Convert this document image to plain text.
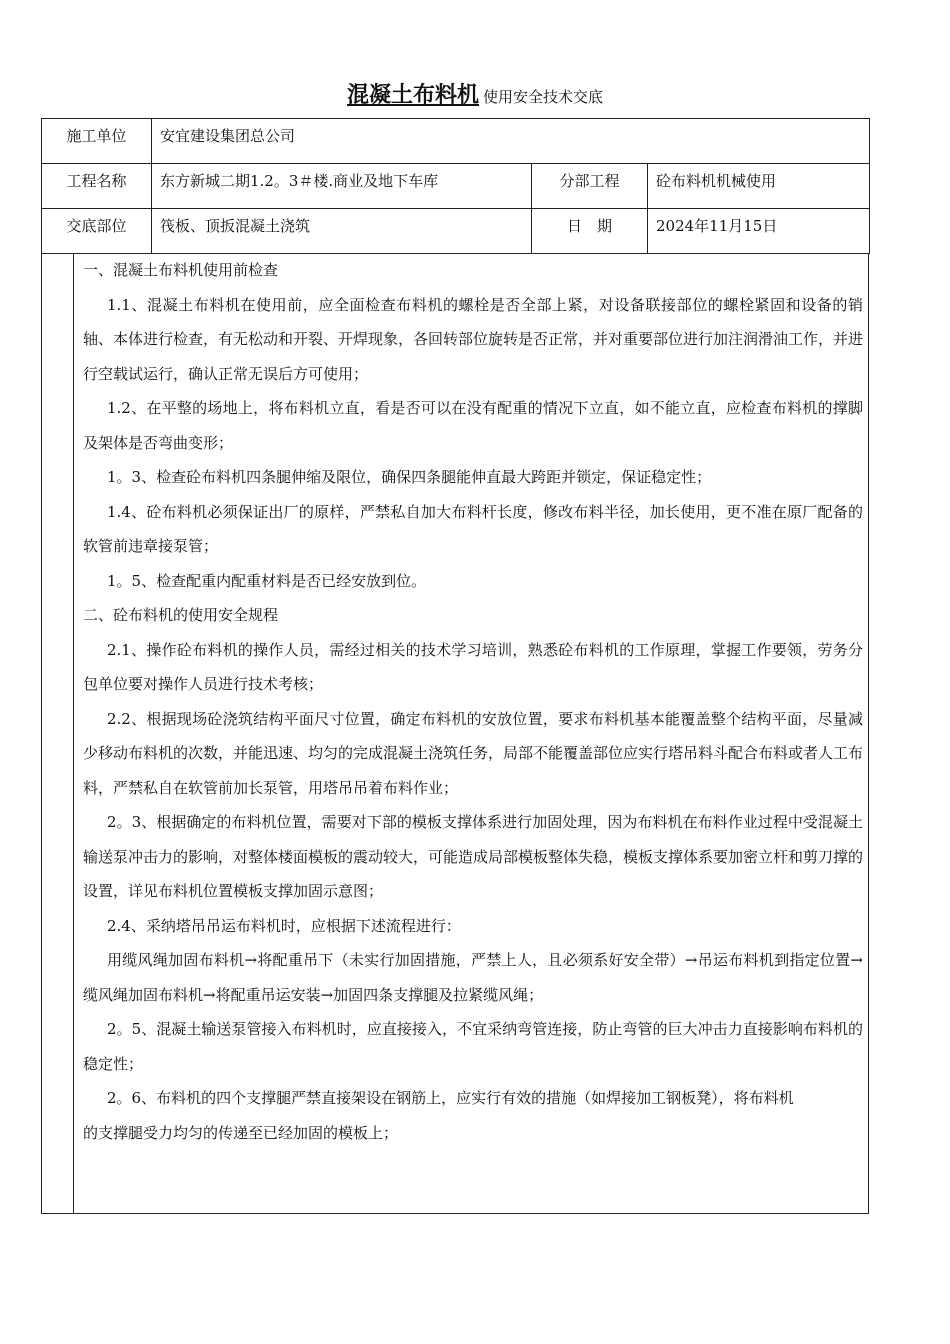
混凝土布料机 使用安全技术交底
施工单位	安宜建设集团总公司		
工程名称	东方新城二期1.2。3＃楼.商业及地下车库	分部工程	砼布料机机械使用
交底部位	筏板、顶扳混凝土浇筑	日　期	2024年11月15日

一、混凝土布料机使用前检查

1.1、混凝土布料机在使用前，应全面检查布料机的螺栓是否全部上紧，对设备联接部位的螺栓紧固和设备的销轴、本体进行检查，有无松动和开裂、开焊现象，各回转部位旋转是否正常，并对重要部位进行加注润滑油工作，并进行空载试运行，确认正常无误后方可使用；

1.2、在平整的场地上，将布料机立直，看是否可以在没有配重的情况下立直，如不能立直，应检查布料机的撑脚及架体是否弯曲变形；

1。3、检查砼布料机四条腿伸缩及限位，确保四条腿能伸直最大跨距并锁定，保证稳定性；

1.4、砼布料机必须保证出厂的原样，严禁私自加大布料杆长度，修改布料半径，加长使用，更不准在原厂配备的软管前违章接泵管；

1。5、检查配重内配重材料是否已经安放到位。

二、砼布料机的使用安全规程

2.1、操作砼布料机的操作人员，需经过相关的技术学习培训，熟悉砼布料机的工作原理，掌握工作要领，劳务分包单位要对操作人员进行技术考核；

2.2、根据现场砼浇筑结构平面尺寸位置，确定布料机的安放位置，要求布料机基本能覆盖整个结构平面，尽量减少移动布料机的次数，并能迅速、均匀的完成混凝土浇筑任务，局部不能覆盖部位应实行塔吊料斗配合布料或者人工布料，严禁私自在软管前加长泵管，用塔吊吊着布料作业；

2。3、根据确定的布料机位置，需要对下部的模板支撑体系进行加固处理，因为布料机在布料作业过程中受混凝土输送泵冲击力的影响，对整体楼面模板的震动较大，可能造成局部模板整体失稳，模板支撑体系要加密立杆和剪刀撑的设置，详见布料机位置模板支撑加固示意图；

2.4、采纳塔吊吊运布料机时，应根据下述流程进行：

用缆风绳加固布料机→将配重吊下（未实行加固措施，严禁上人，且必须系好安全带）→吊运布料机到指定位置→缆风绳加固布料机→将配重吊运安装→加固四条支撑腿及拉紧缆风绳；

2。5、混凝土输送泵管接入布料机时，应直接接入，不宜采纳弯管连接，防止弯管的巨大冲击力直接影响布料机的稳定性；

2。6、布料机的四个支撑腿严禁直接架设在钢筋上，应实行有效的措施（如焊接加工钢板凳），将布料机

的支撑腿受力均匀的传递至已经加固的模板上；
